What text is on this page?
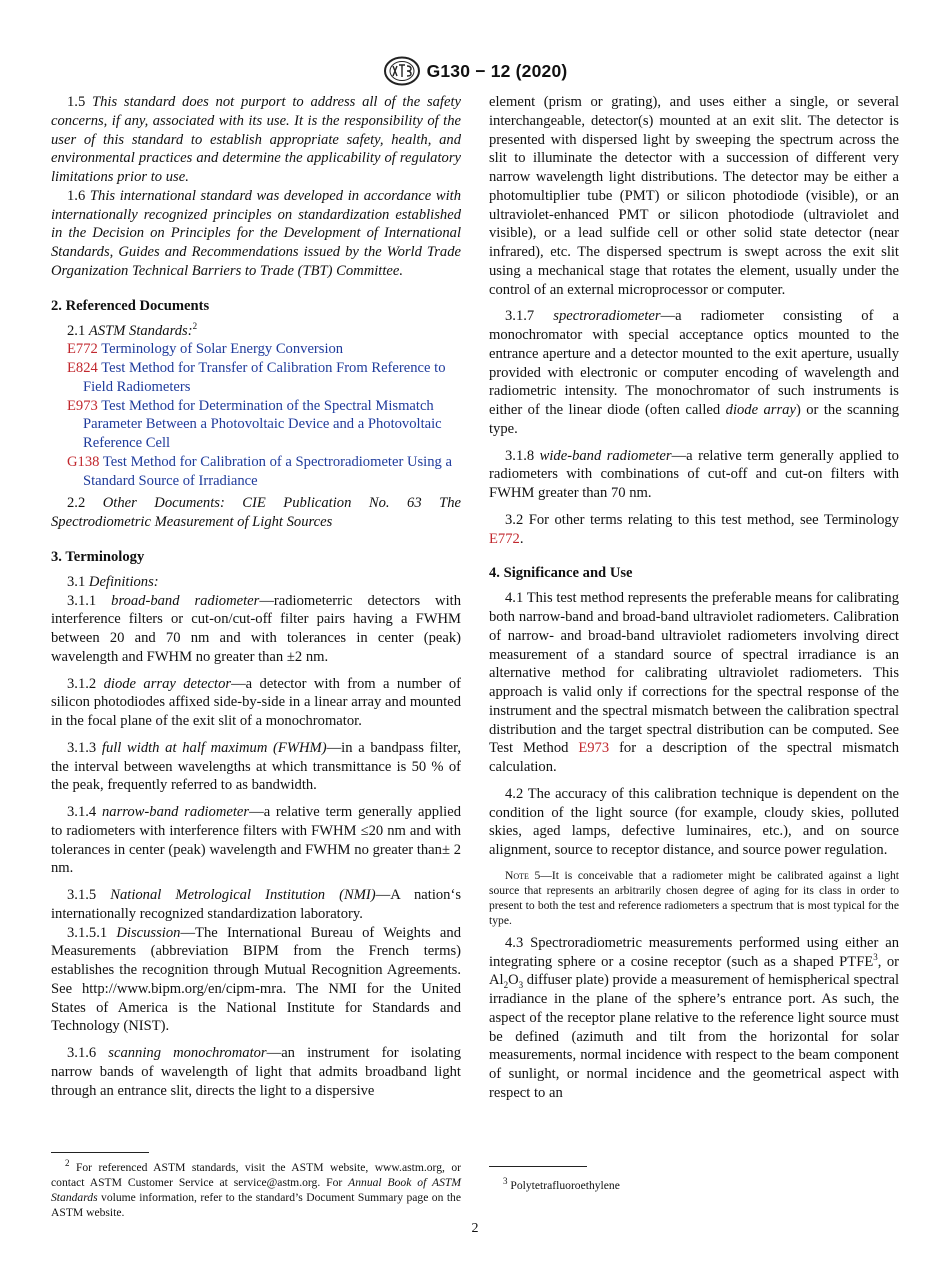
G130 − 12 (2020)

1.5 This standard does not purport to address all of the safety concerns, if any, associated with its use. It is the responsibility of the user of this standard to establish appropriate safety, health, and environmental practices and determine the applicability of regulatory limitations prior to use.

1.6 This international standard was developed in accordance with internationally recognized principles on standardization established in the Decision on Principles for the Development of International Standards, Guides and Recommendations issued by the World Trade Organization Technical Barriers to Trade (TBT) Committee.

2. Referenced Documents

2.1 ASTM Standards:$^2$

E772 Terminology of Solar Energy Conversion

E824 Test Method for Transfer of Calibration From Reference to Field Radiometers

E973 Test Method for Determination of the Spectral Mismatch Parameter Between a Photovoltaic Device and a Photovoltaic Reference Cell

G138 Test Method for Calibration of a Spectroradiometer Using a Standard Source of Irradiance

2.2 Other Documents: CIE Publication No. 63 The Spectrodiometric Measurement of Light Sources

3. Terminology

3.1 Definitions:

3.1.1 broad-band radiometer—radiometerric detectors with interference filters or cut-on/cut-off filter pairs having a FWHM between 20 and 70 nm and with tolerances in center (peak) wavelength and FWHM no greater than ±2 nm.

3.1.2 diode array detector—a detector with from a number of silicon photodiodes affixed side-by-side in a linear array and mounted in the focal plane of the exit slit of a monochromator.

3.1.3 full width at half maximum (FWHM)—in a bandpass filter, the interval between wavelengths at which transmittance is 50 % of the peak, frequently referred to as bandwidth.

3.1.4 narrow-band radiometer—a relative term generally applied to radiometers with interference filters with FWHM ≤20 nm and with tolerances in center (peak) wavelength and FWHM no greater than± 2 nm.

3.1.5 National Metrological Institution (NMI)—A nation‘s internationally recognized standardization laboratory.

3.1.5.1 Discussion—The International Bureau of Weights and Measurements (abbreviation BIPM from the French terms) establishes the recognition through Mutual Recognition Agreements. See http://www.bipm.org/en/cipm-mra. The NMI for the United States of America is the National Institute for Standards and Technology (NIST).

3.1.6 scanning monochromator—an instrument for isolating narrow bands of wavelength of light that admits broadband light through an entrance slit, directs the light to a dispersive

$^2$ For referenced ASTM standards, visit the ASTM website, www.astm.org, or contact ASTM Customer Service at service@astm.org. For Annual Book of ASTM Standards volume information, refer to the standard’s Document Summary page on the ASTM website.

element (prism or grating), and uses either a single, or several interchangeable, detector(s) mounted at an exit slit. The detector is presented with dispersed light by sweeping the spectrum across the slit to illuminate the detector with a succession of different very narrow wavelength light distributions. The detector may be either a photomultiplier tube (PMT) or silicon photodiode (visible), or an ultraviolet-enhanced PMT or silicon photodiode (ultraviolet and visible), or a lead sulfide cell or other solid state detector (near infrared), etc. The dispersed spectrum is swept across the exit slit using a mechanical stage that rotates the element, usually under the control of an external microprocessor or computer.

3.1.7 spectroradiometer—a radiometer consisting of a monochromator with special acceptance optics mounted to the entrance aperture and a detector mounted to the exit aperture, usually provided with electronic or computer encoding of wavelength and radiometric intensity. The monochromator of such instruments is either of the linear diode (often called diode array) or the scanning type.

3.1.8 wide-band radiometer—a relative term generally applied to radiometers with combinations of cut-off and cut-on filters with FWHM greater than 70 nm.

3.2 For other terms relating to this test method, see Terminology E772.

4. Significance and Use

4.1 This test method represents the preferable means for calibrating both narrow-band and broad-band ultraviolet radiometers. Calibration of narrow- and broad-band ultraviolet radiometers involving direct measurement of a standard source of spectral irradiance is an alternative method for calibrating ultraviolet radiometers. This approach is valid only if corrections for the spectral response of the instrument and the spectral mismatch between the calibration spectral distribution and the target spectral distribution can be computed. See Test Method E973 for a description of the spectral mismatch calculation.

4.2 The accuracy of this calibration technique is dependent on the condition of the light source (for example, cloudy skies, polluted skies, aged lamps, defective luminaires, etc.), and on source alignment, source to receptor distance, and source power regulation.

Note 5—It is conceivable that a radiometer might be calibrated against a light source that represents an arbitrarily chosen degree of aging for its class in order to present to both the test and reference radiometers a spectrum that is most typical for the type.

4.3 Spectroradiometric measurements performed using either an integrating sphere or a cosine receptor (such as a shaped PTFE$^3$, or $Al_2O_3$ diffuser plate) provide a measurement of hemispherical spectral irradiance in the plane of the sphere’s entrance port. As such, the aspect of the receptor plane relative to the reference light source must be defined (azimuth and tilt from the horizontal for solar measurements, normal incidence with respect to the beam component of sunlight, or normal incidence and the geometrical aspect with respect to an

$^3$ Polytetrafluoroethylene
2
